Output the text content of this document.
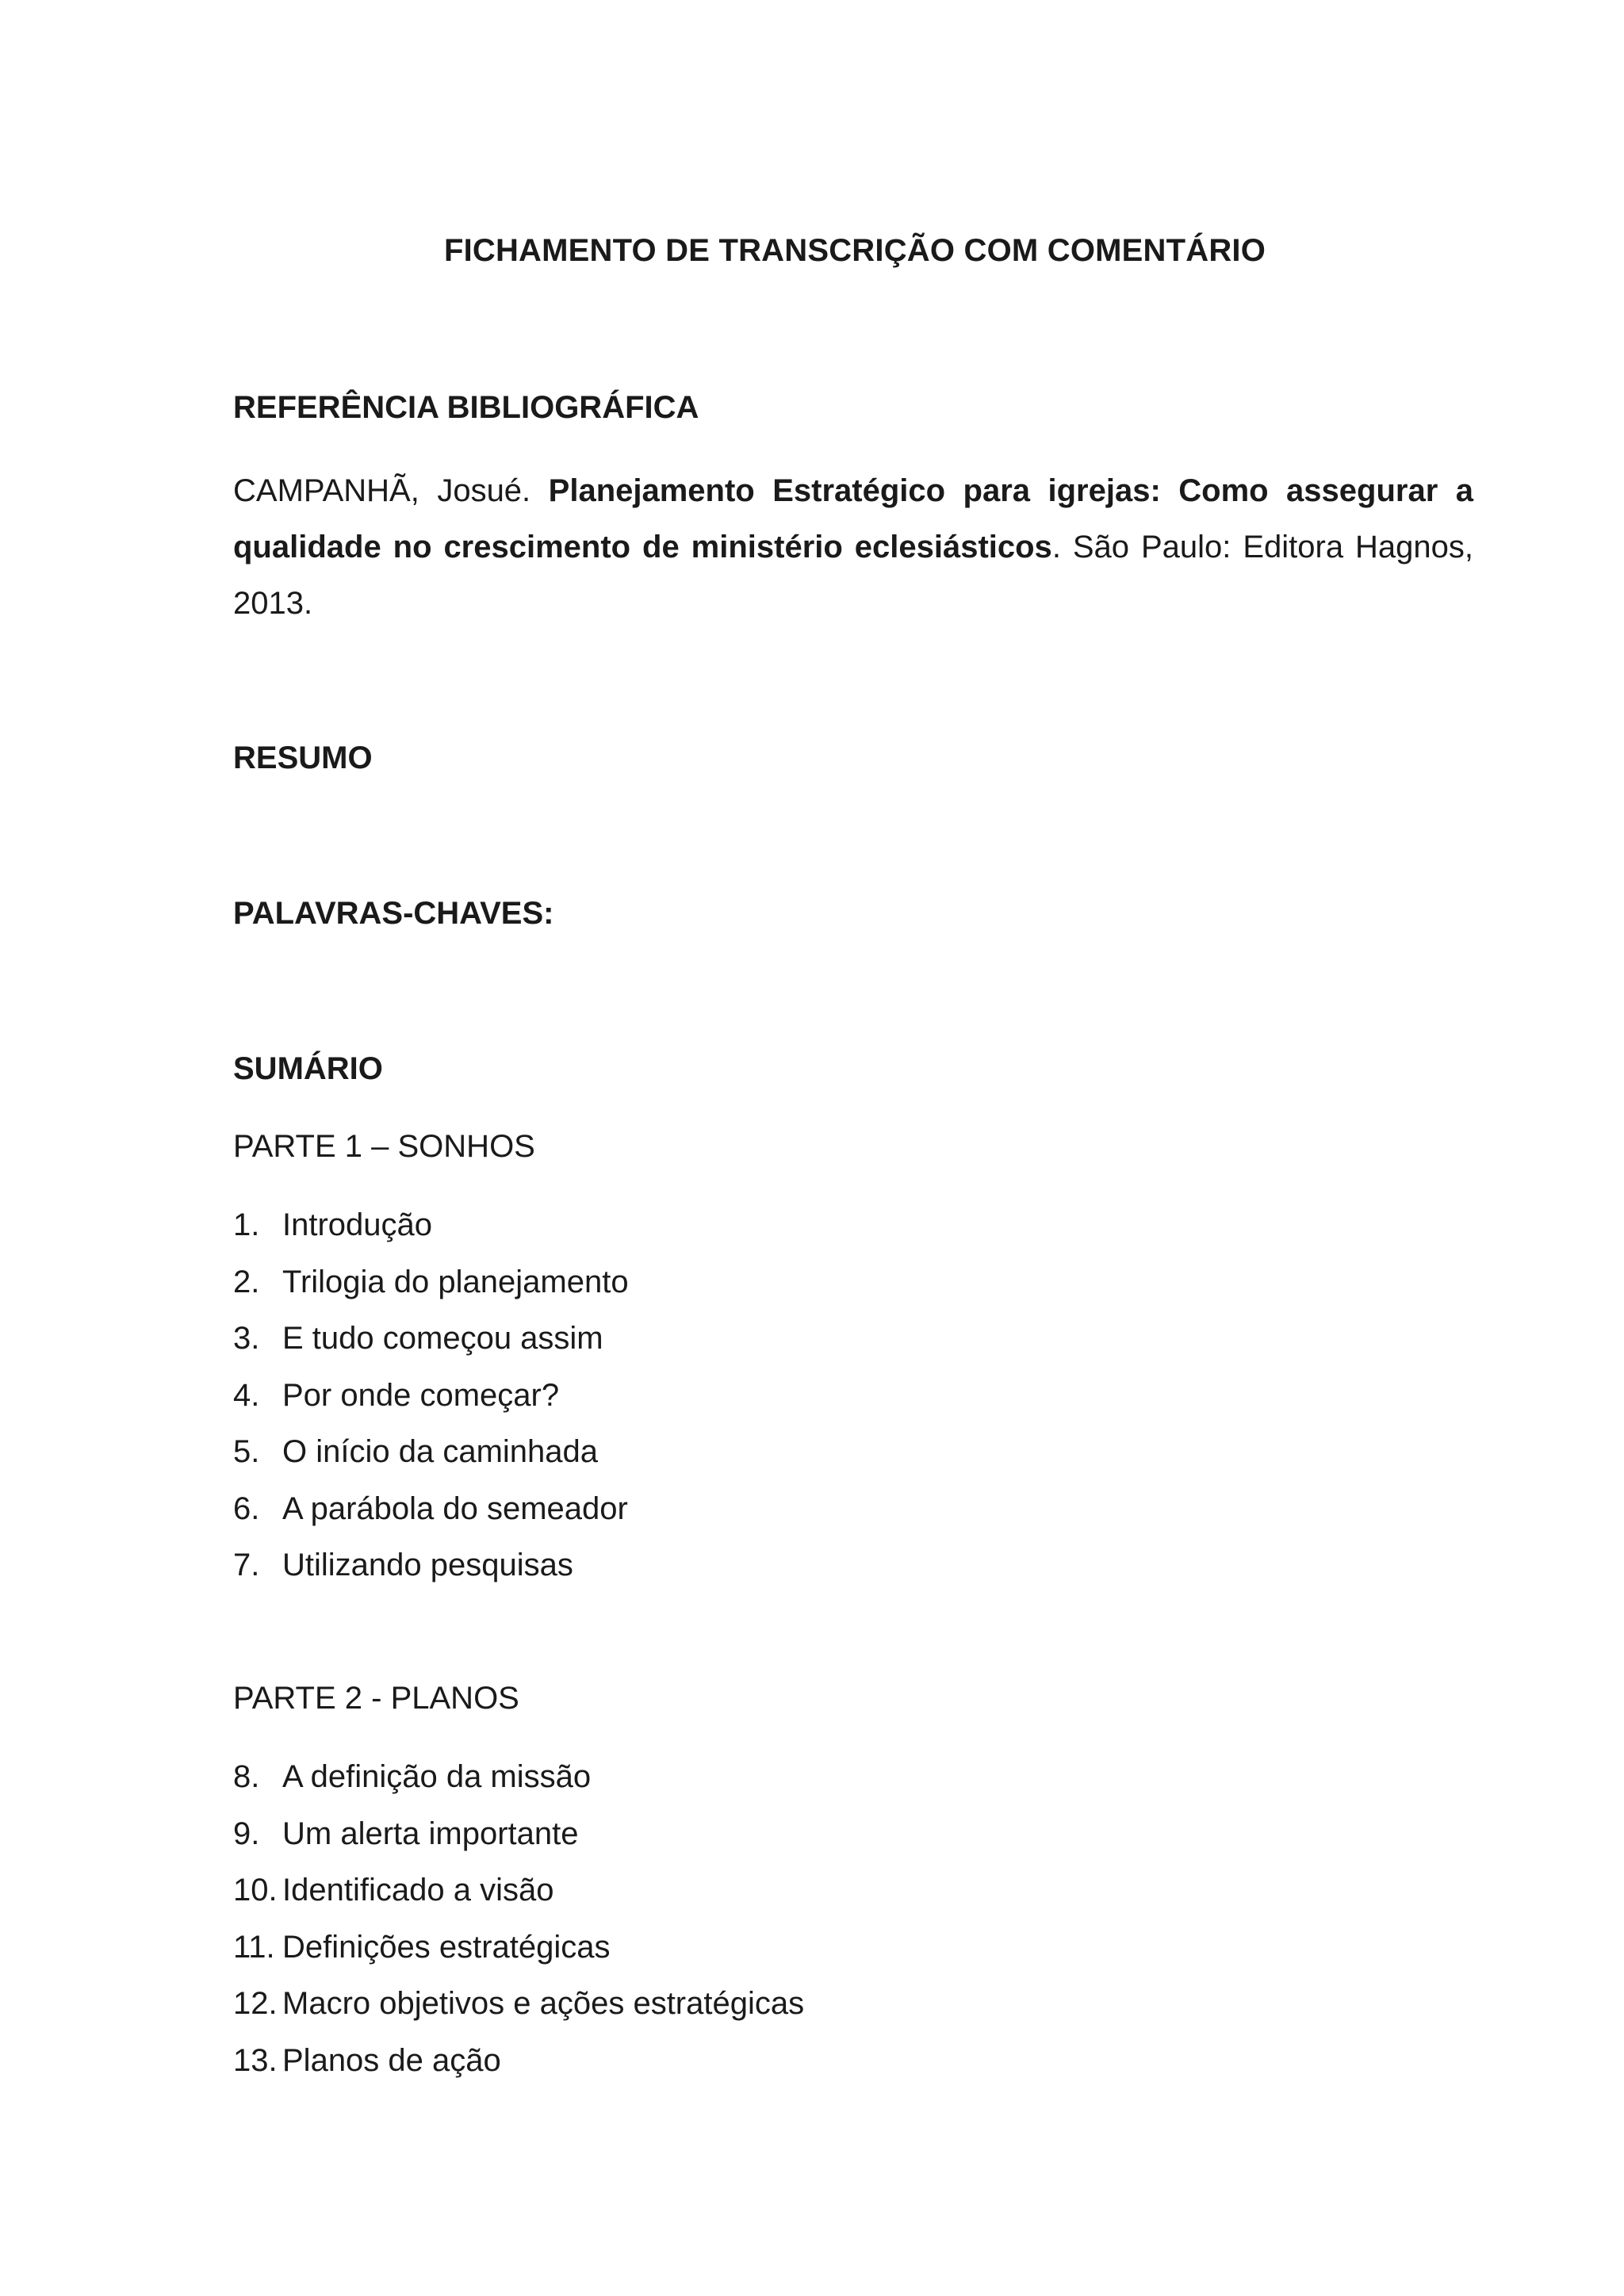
FICHAMENTO DE TRANSCRIÇÃO COM COMENTÁRIO
REFERÊNCIA BIBLIOGRÁFICA
CAMPANHÃ, Josué. Planejamento Estratégico para igrejas: Como assegurar a qualidade no crescimento de ministério eclesiásticos. São Paulo: Editora Hagnos, 2013.
RESUMO
PALAVRAS-CHAVES:
SUMÁRIO
PARTE 1 – SONHOS
1. Introdução
2. Trilogia do planejamento
3. E tudo começou assim
4. Por onde começar?
5. O início da caminhada
6. A parábola do semeador
7. Utilizando pesquisas
PARTE 2 - PLANOS
8. A definição da missão
9. Um alerta importante
10. Identificado a visão
11. Definições estratégicas
12. Macro objetivos e ações estratégicas
13. Planos de ação
